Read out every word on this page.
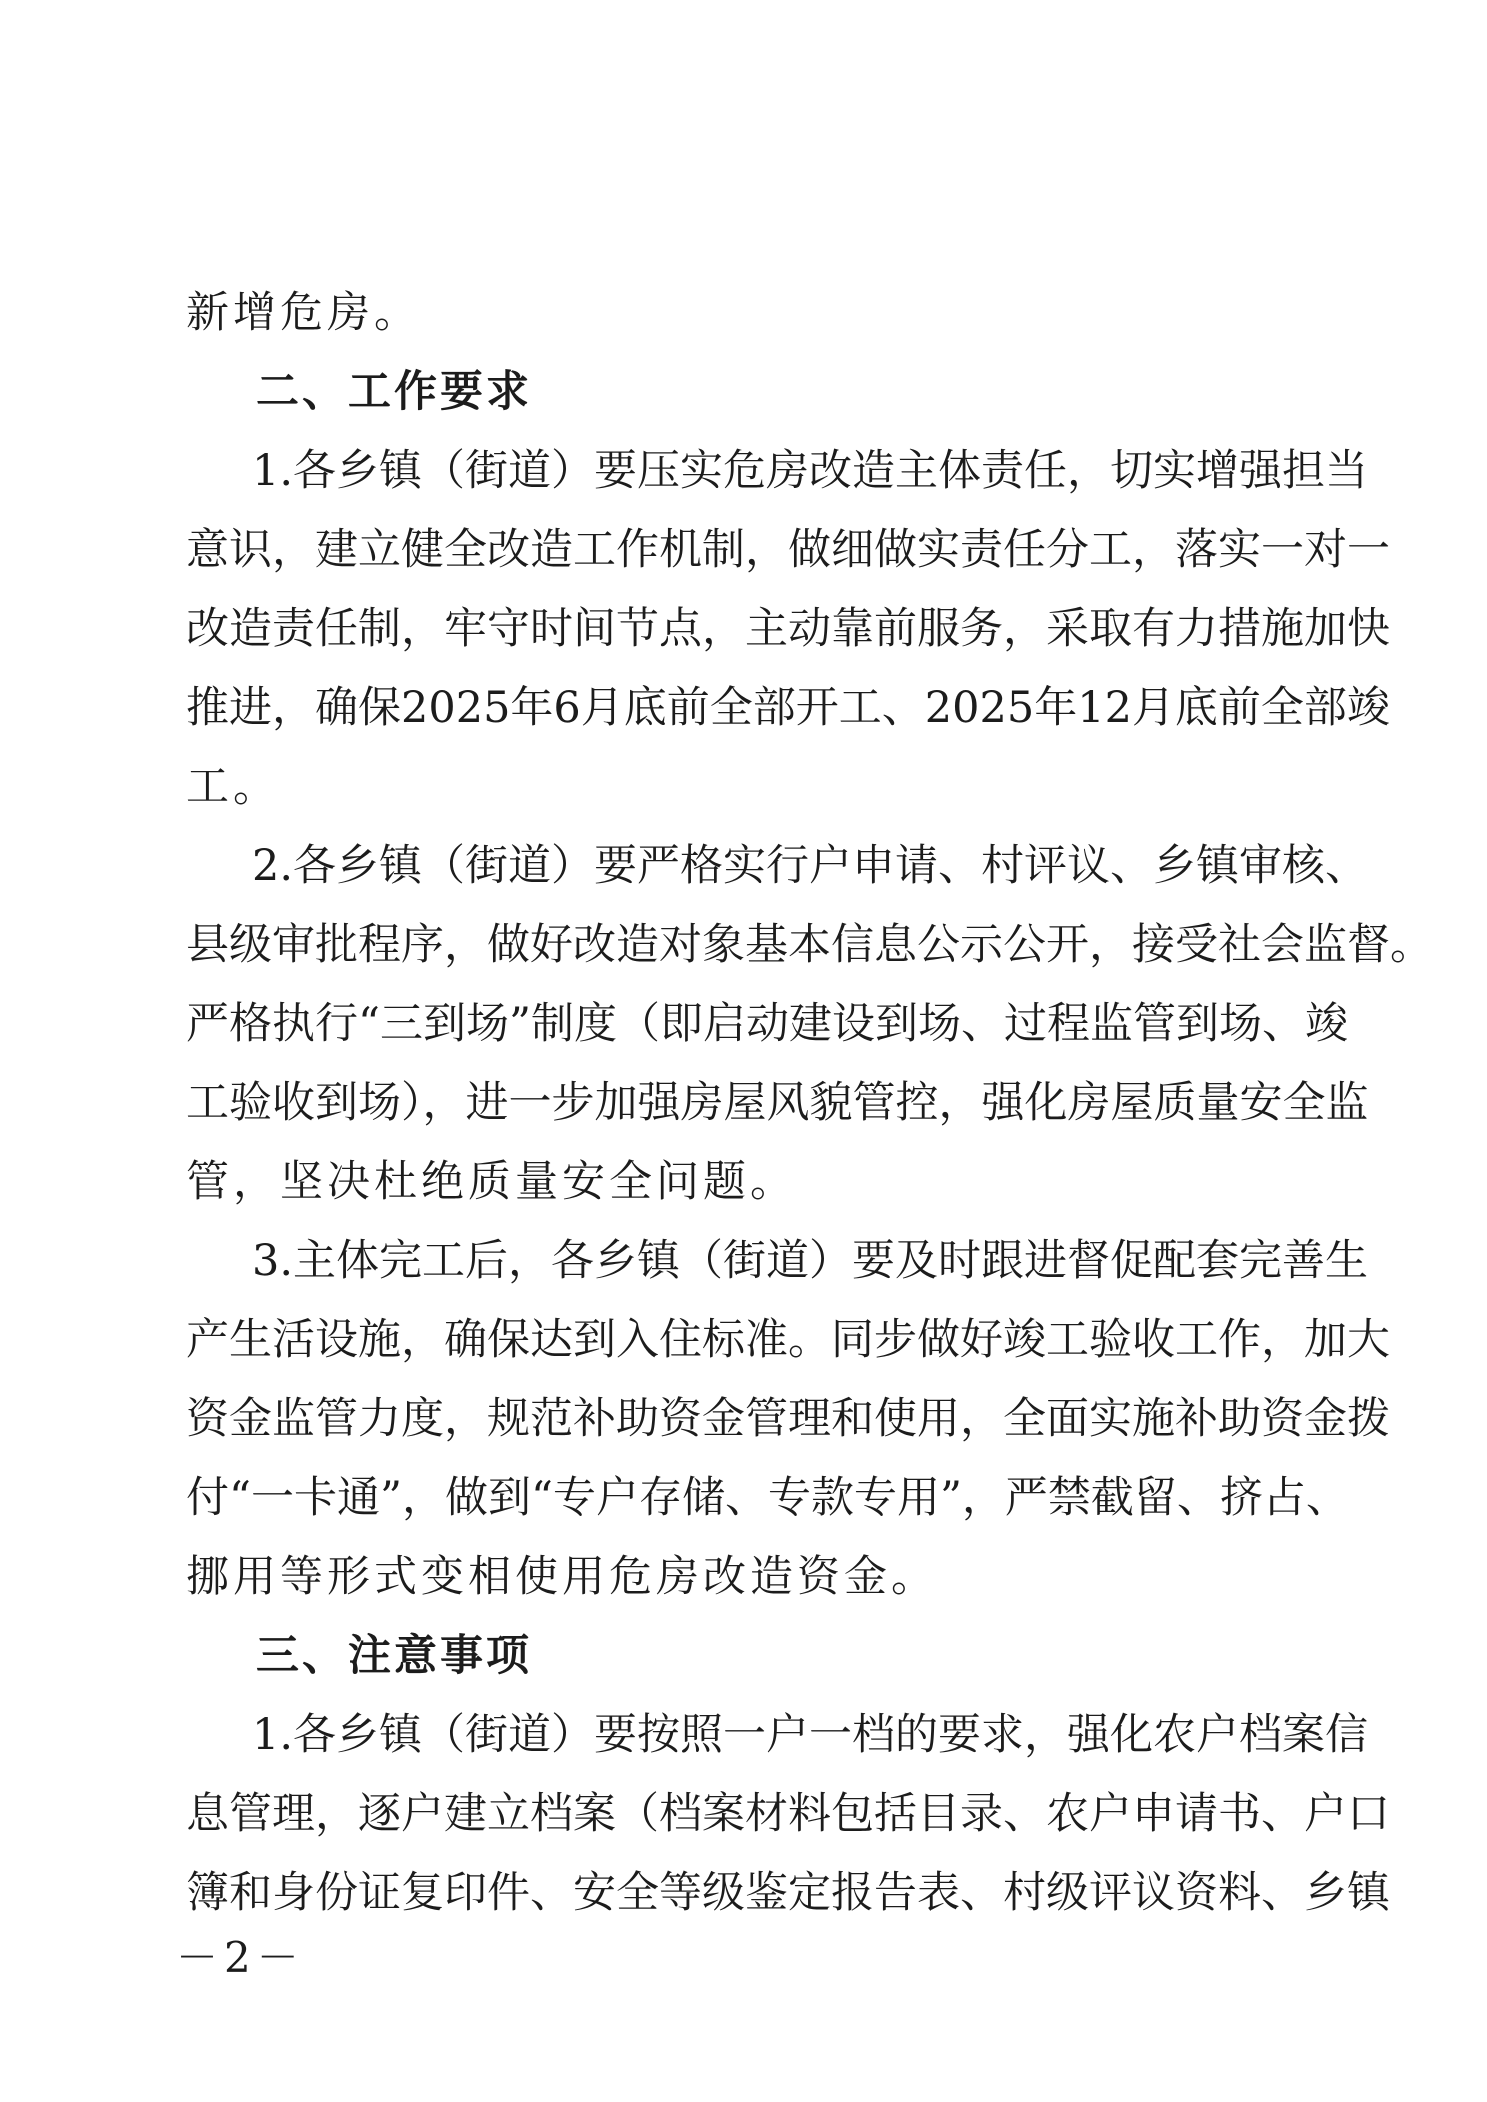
新增危房。
二、工作要求
1.各乡镇（街道）要压实危房改造主体责任，切实增强担当
意识，建立健全改造工作机制，做细做实责任分工，落实一对一
改造责任制，牢守时间节点，主动靠前服务，采取有力措施加快
推进，确保2025年6月底前全部开工、2025年12月底前全部竣
工。
2.各乡镇（街道）要严格实行户申请、村评议、乡镇审核、
县级审批程序，做好改造对象基本信息公示公开，接受社会监督。
严格执行“三到场”制度（即启动建设到场、过程监管到场、竣
工验收到场），进一步加强房屋风貌管控，强化房屋质量安全监
管，坚决杜绝质量安全问题。
3.主体完工后，各乡镇（街道）要及时跟进督促配套完善生
产生活设施，确保达到入住标准。同步做好竣工验收工作，加大
资金监管力度，规范补助资金管理和使用，全面实施补助资金拨
付“一卡通”，做到“专户存储、专款专用”，严禁截留、挤占、
挪用等形式变相使用危房改造资金。
三、注意事项
1.各乡镇（街道）要按照一户一档的要求，强化农户档案信
息管理，逐户建立档案（档案材料包括目录、农户申请书、户口
簿和身份证复印件、安全等级鉴定报告表、村级评议资料、乡镇
－2－
